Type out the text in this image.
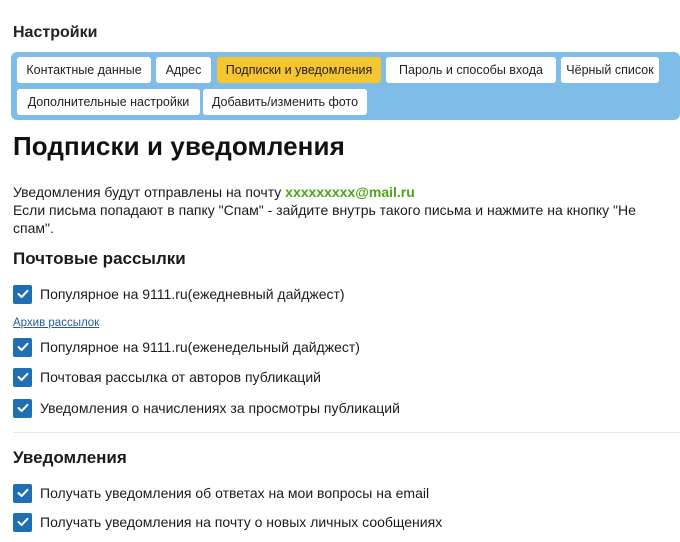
Настройки
Контактные данные	Адрес	Подписки и уведомления	Пароль и способы входа	Чёрный список
Дополнительные настройки	Добавить/изменить фото
Подписки и уведомления
Уведомления будут отправлены на почту xxxxxxxxx@mail.ru
Если письма попадают в папку "Спам" - зайдите внутрь такого письма и нажмите на кнопку "Не спам".
Почтовые рассылки
Популярное на 9111.ru(ежедневный дайджест)
Архив рассылок
Популярное на 9111.ru(еженедельный дайджест)
Почтовая рассылка от авторов публикаций
Уведомления о начислениях за просмотры публикаций
Уведомления
Получать уведомления об ответах на мои вопросы на email
Получать уведомления на почту о новых личных сообщениях
